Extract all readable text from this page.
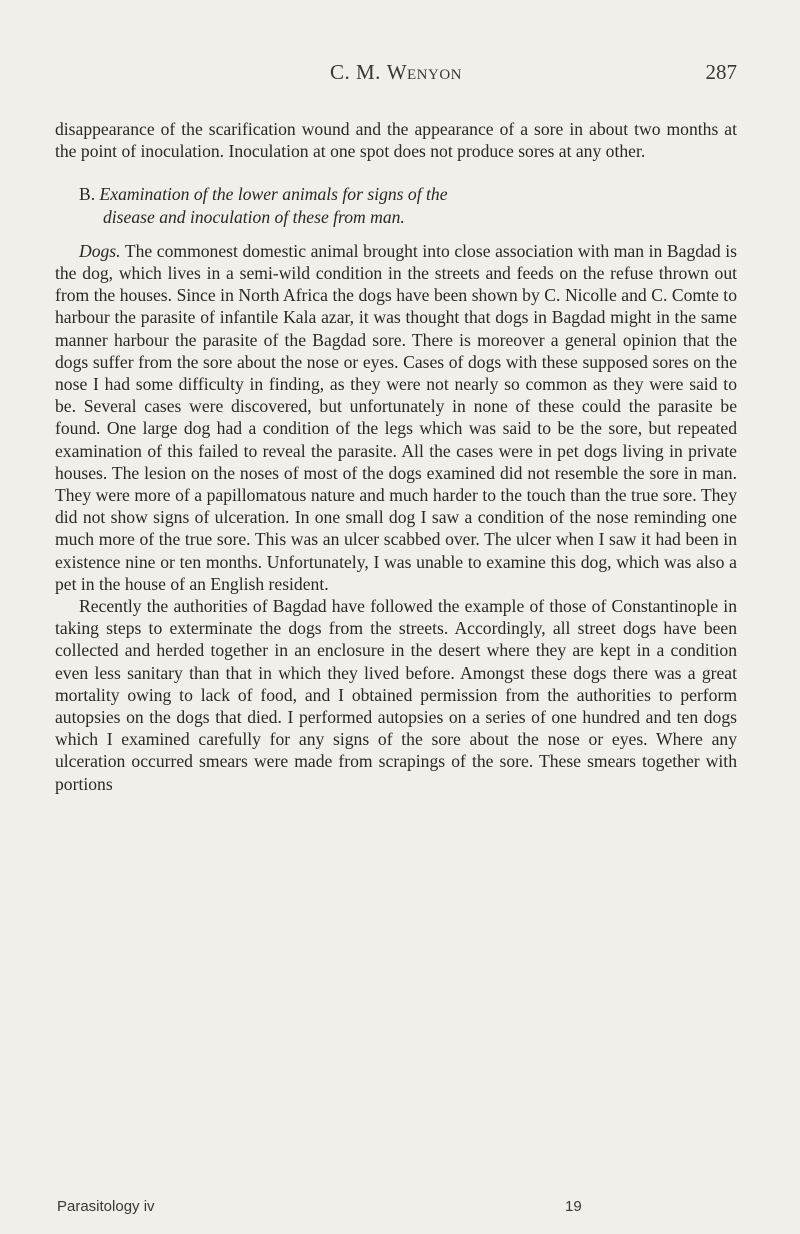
C. M. Wenyon	287

disappearance of the scarification wound and the appearance of a sore in about two months at the point of inoculation. Inoculation at one spot does not produce sores at any other.

B. Examination of the lower animals for signs of the
disease and inoculation of these from man.

Dogs. The commonest domestic animal brought into close association with man in Bagdad is the dog, which lives in a semi-wild condition in the streets and feeds on the refuse thrown out from the houses. Since in North Africa the dogs have been shown by C. Nicolle and C. Comte to harbour the parasite of infantile Kala azar, it was thought that dogs in Bagdad might in the same manner harbour the parasite of the Bagdad sore. There is moreover a general opinion that the dogs suffer from the sore about the nose or eyes. Cases of dogs with these supposed sores on the nose I had some difficulty in finding, as they were not nearly so common as they were said to be. Several cases were discovered, but unfortunately in none of these could the parasite be found. One large dog had a condition of the legs which was said to be the sore, but repeated examination of this failed to reveal the parasite. All the cases were in pet dogs living in private houses. The lesion on the noses of most of the dogs examined did not resemble the sore in man. They were more of a papillomatous nature and much harder to the touch than the true sore. They did not show signs of ulceration. In one small dog I saw a condition of the nose reminding one much more of the true sore. This was an ulcer scabbed over. The ulcer when I saw it had been in existence nine or ten months. Unfortunately, I was unable to examine this dog, which was also a pet in the house of an English resident.

Recently the authorities of Bagdad have followed the example of those of Constantinople in taking steps to exterminate the dogs from the streets. Accordingly, all street dogs have been collected and herded together in an enclosure in the desert where they are kept in a condition even less sanitary than that in which they lived before. Amongst these dogs there was a great mortality owing to lack of food, and I obtained permission from the authorities to perform autopsies on the dogs that died. I performed autopsies on a series of one hundred and ten dogs which I examined carefully for any signs of the sore about the nose or eyes. Where any ulceration occurred smears were made from scrapings of the sore. These smears together with portions

Parasitology iv	19
